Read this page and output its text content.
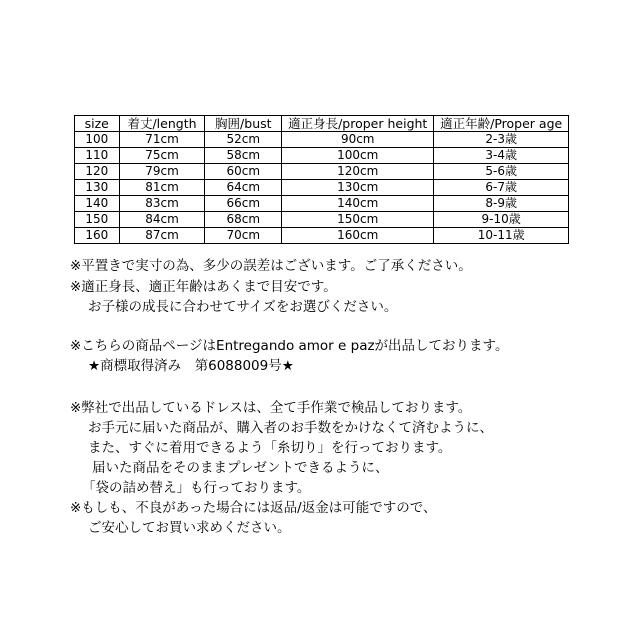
size	着丈/length	胸囲/bust	適正身長/proper height	適正年齢/Proper age
100	71cm	52cm	90cm	2-3歳
110	75cm	58cm	100cm	3-4歳
120	79cm	60cm	120cm	5-6歳
130	81cm	64cm	130cm	6-7歳
140	83cm	66cm	140cm	8-9歳
150	84cm	68cm	150cm	9-10歳
160	87cm	70cm	160cm	10-11歳
※平置きで実寸の為、多少の誤差はございます。ご了承ください。
※適正身長、適正年齢はあくまで目安です。
お子様の成長に合わせてサイズをお選びください。
※こちらの商品ページはEntregando amor e pazが出品しております。
★商標取得済み　第6088009号★
※弊社で出品しているドレスは、全て手作業で検品しております。
お手元に届いた商品が、購入者のお手数をかけなくて済むように、
また、すぐに着用できるよう「糸切り」を行っております。
届いた商品をそのままプレゼントできるように、
「袋の詰め替え」も行っております。
※もしも、不良があった場合には返品/返金は可能ですので、
ご安心してお買い求めください。
